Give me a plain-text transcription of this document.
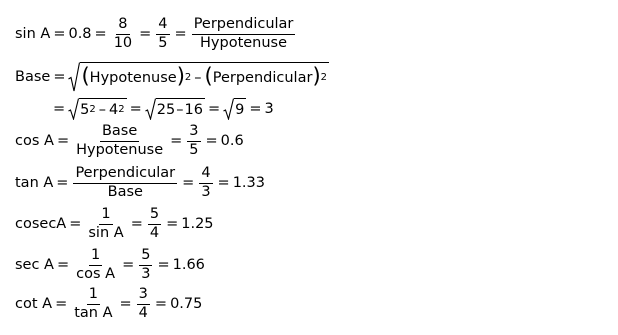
$\sin A = 0.8 = \frac{8}{10} = \frac{4}{5} = \frac{\text{Perpendicular}}{\text{Hypotenuse}}$
Base = ( Hypotenuse ) 2 – ( Perpendicular ) 2
= 5 2 – 4 2 = 25 – 16 = 9 = 3
$\cos A = \frac{\text{Base}}{\text{Hypotenuse}} = \frac{3}{5} = 0.6$
$\tan A = \frac{\text{Perpendicular}}{\text{Base}} = \frac{4}{3} = 1.33$
$cosecA = \frac{1}{\text{sin A}} = \frac{5}{4} = 1.25$
$\sec A = \frac{1}{\text{cos A}} = \frac{5}{3} = 1.66$
$\cot A = \frac{1}{\text{tan A}} = \frac{3}{4} = 0.75$
